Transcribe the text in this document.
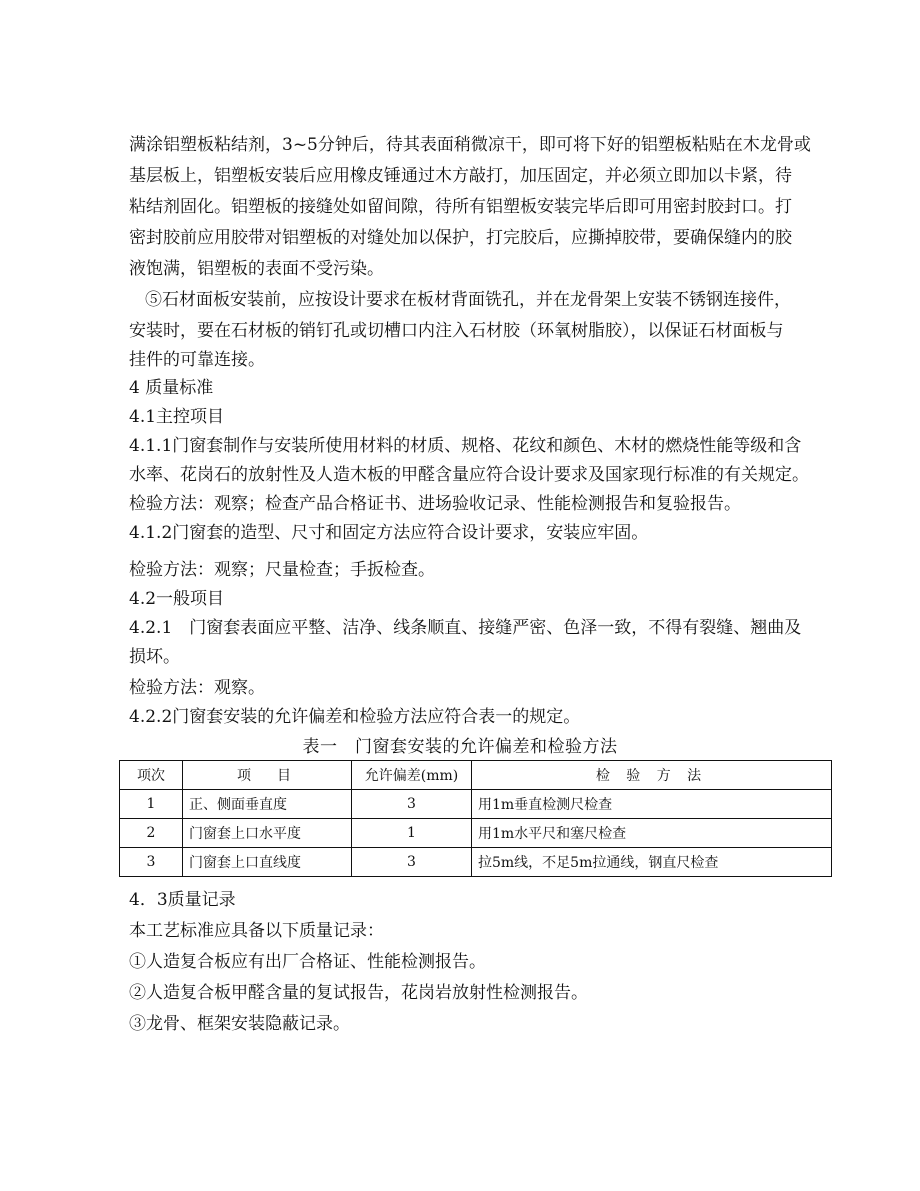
满涂铝塑板粘结剂，3~5分钟后，待其表面稍微凉干，即可将下好的铝塑板粘贴在木龙骨或
基层板上，铝塑板安装后应用橡皮锤通过木方敲打，加压固定，并必须立即加以卡紧，待
粘结剂固化。铝塑板的接缝处如留间隙，待所有铝塑板安装完毕后即可用密封胶封口。打
密封胶前应用胶带对铝塑板的对缝处加以保护，打完胶后，应撕掉胶带，要确保缝内的胶
液饱满，铝塑板的表面不受污染。
⑤石材面板安装前，应按设计要求在板材背面铣孔，并在龙骨架上安装不锈钢连接件，
安装时，要在石材板的销钉孔或切槽口内注入石材胶（环氧树脂胶），以保证石材面板与
挂件的可靠连接。
4 质量标准
4.1主控项目
4.1.1门窗套制作与安装所使用材料的材质、规格、花纹和颜色、木材的燃烧性能等级和含
水率、花岗石的放射性及人造木板的甲醛含量应符合设计要求及国家现行标准的有关规定。
检验方法：观察；检查产品合格证书、进场验收记录、性能检测报告和复验报告。
4.1.2门窗套的造型、尺寸和固定方法应符合设计要求，安装应牢固。
检验方法：观察；尺量检查；手扳检查。
4.2一般项目
4.2.1　门窗套表面应平整、洁净、线条顺直、接缝严密、色泽一致，不得有裂缝、翘曲及
损坏。
检验方法：观察。
4.2.2门窗套安装的允许偏差和检验方法应符合表一的规定。
表一　门窗套安装的允许偏差和检验方法
项次	项　目	允许偏差(mm)	检 验 方 法
1	正、侧面垂直度	3	用1m垂直检测尺检查
2	门窗套上口水平度	1	用1m水平尺和塞尺检查
3	门窗套上口直线度	3	拉5m线，不足5m拉通线，钢直尺检查
4．3质量记录
本工艺标准应具备以下质量记录：
①人造复合板应有出厂合格证、性能检测报告。
②人造复合板甲醛含量的复试报告，花岗岩放射性检测报告。
③龙骨、框架安装隐蔽记录。
